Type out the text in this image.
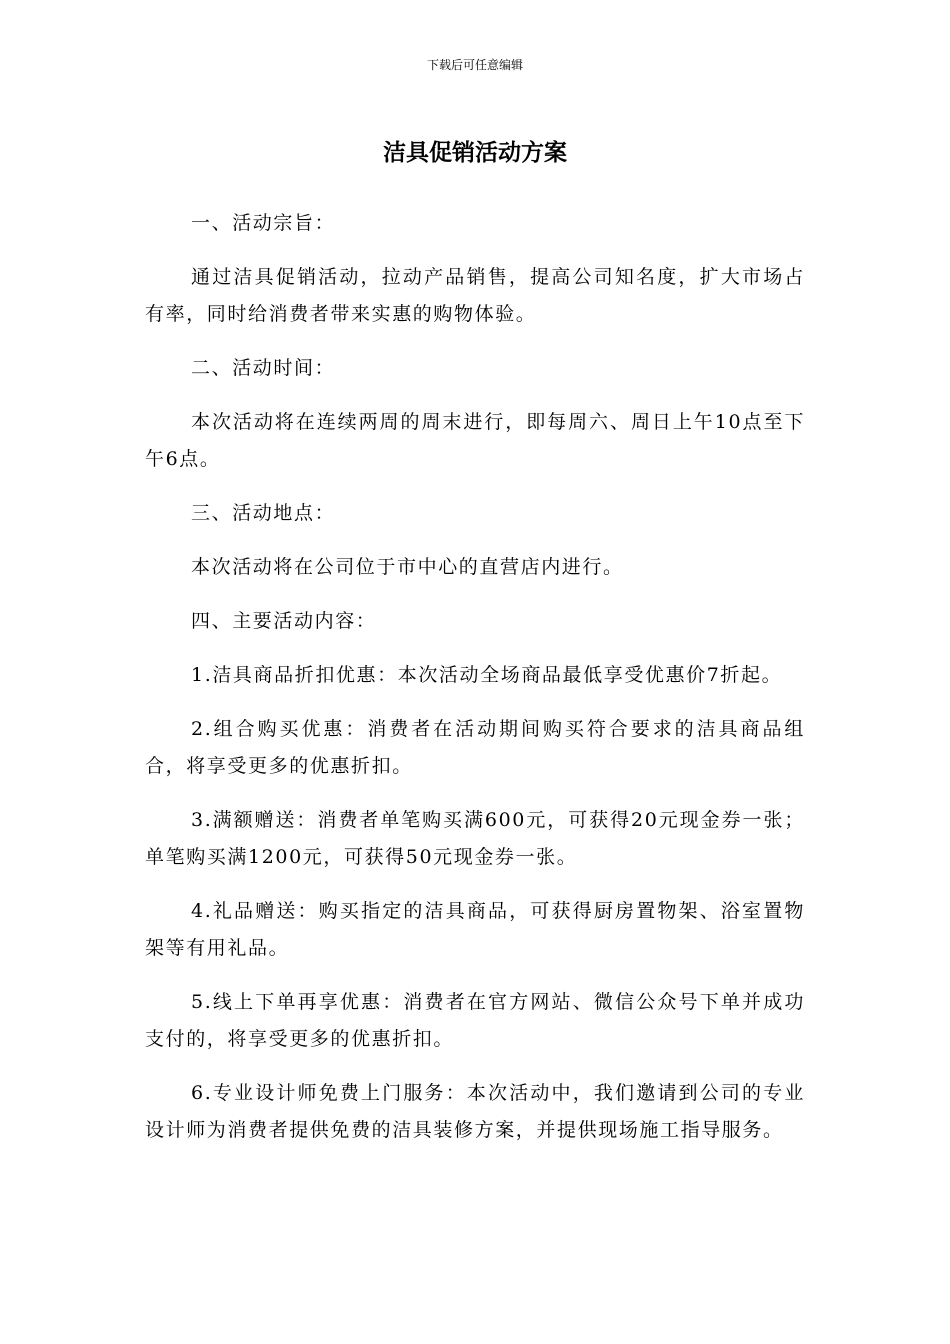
下载后可任意编辑
洁具促销活动方案

一、活动宗旨：

通过洁具促销活动，拉动产品销售，提高公司知名度，扩大市场占有率，同时给消费者带来实惠的购物体验。

二、活动时间：

本次活动将在连续两周的周末进行，即每周六、周日上午10点至下午6点。

三、活动地点：

本次活动将在公司位于市中心的直营店内进行。

四、主要活动内容：

1.洁具商品折扣优惠：本次活动全场商品最低享受优惠价7折起。

2.组合购买优惠：消费者在活动期间购买符合要求的洁具商品组合，将享受更多的优惠折扣。

3.满额赠送：消费者单笔购买满600元，可获得20元现金券一张；单笔购买满1200元，可获得50元现金券一张。

4.礼品赠送：购买指定的洁具商品，可获得厨房置物架、浴室置物架等有用礼品。

5.线上下单再享优惠：消费者在官方网站、微信公众号下单并成功支付的，将享受更多的优惠折扣。

6.专业设计师免费上门服务：本次活动中，我们邀请到公司的专业设计师为消费者提供免费的洁具装修方案，并提供现场施工指导服务。
